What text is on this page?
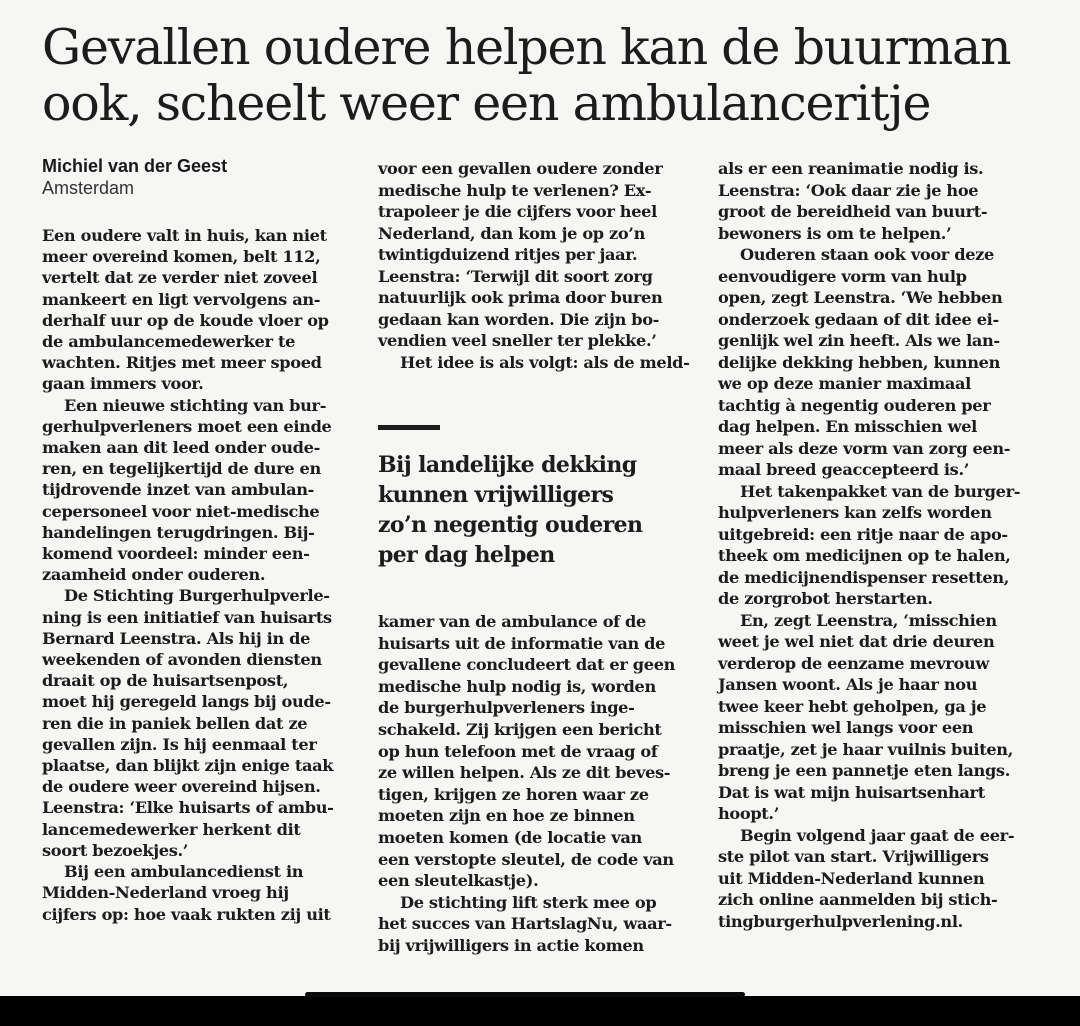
Gevallen oudere helpen kan de buurman
ook, scheelt weer een ambulanceritje
Michiel van der Geest
Amsterdam
Een oudere valt in huis, kan niet
meer overeind komen, belt 112,
vertelt dat ze verder niet zoveel
mankeert en ligt vervolgens an-
derhalf uur op de koude vloer op
de ambulancemedewerker te
wachten. Ritjes met meer spoed
gaan immers voor.
Een nieuwe stichting van bur-
gerhulpverleners moet een einde
maken aan dit leed onder oude-
ren, en tegelijkertijd de dure en
tijdrovende inzet van ambulan-
cepersoneel voor niet-medische
handelingen terugdringen. Bij-
komend voordeel: minder een-
zaamheid onder ouderen.
De Stichting Burgerhulpverle-
ning is een initiatief van huisarts
Bernard Leenstra. Als hij in de
weekenden of avonden diensten
draait op de huisartsenpost,
moet hij geregeld langs bij oude-
ren die in paniek bellen dat ze
gevallen zijn. Is hij eenmaal ter
plaatse, dan blijkt zijn enige taak
de oudere weer overeind hijsen.
Leenstra: ‘Elke huisarts of ambu-
lancemedewerker herkent dit
soort bezoekjes.’
Bij een ambulancedienst in
Midden-Nederland vroeg hij
cijfers op: hoe vaak rukten zij uit
voor een gevallen oudere zonder
medische hulp te verlenen? Ex-
trapoleer je die cijfers voor heel
Nederland, dan kom je op zo’n
twintigduizend ritjes per jaar.
Leenstra: ‘Terwijl dit soort zorg
natuurlijk ook prima door buren
gedaan kan worden. Die zijn bo-
vendien veel sneller ter plekke.’
Het idee is als volgt: als de meld-
Bij landelijke dekking
kunnen vrijwilligers
zo’n negentig ouderen
per dag helpen
kamer van de ambulance of de
huisarts uit de informatie van de
gevallene concludeert dat er geen
medische hulp nodig is, worden
de burgerhulpverleners inge-
schakeld. Zij krijgen een bericht
op hun telefoon met de vraag of
ze willen helpen. Als ze dit beves-
tigen, krijgen ze horen waar ze
moeten zijn en hoe ze binnen
moeten komen (de locatie van
een verstopte sleutel, de code van
een sleutelkastje).
De stichting lift sterk mee op
het succes van HartslagNu, waar-
bij vrijwilligers in actie komen
als er een reanimatie nodig is.
Leenstra: ‘Ook daar zie je hoe
groot de bereidheid van buurt-
bewoners is om te helpen.’
Ouderen staan ook voor deze
eenvoudigere vorm van hulp
open, zegt Leenstra. ‘We hebben
onderzoek gedaan of dit idee ei-
genlijk wel zin heeft. Als we lan-
delijke dekking hebben, kunnen
we op deze manier maximaal
tachtig à negentig ouderen per
dag helpen. En misschien wel
meer als deze vorm van zorg een-
maal breed geaccepteerd is.’
Het takenpakket van de burger-
hulpverleners kan zelfs worden
uitgebreid: een ritje naar de apo-
theek om medicijnen op te halen,
de medicijnendispenser resetten,
de zorgrobot herstarten.
En, zegt Leenstra, ‘misschien
weet je wel niet dat drie deuren
verderop de eenzame mevrouw
Jansen woont. Als je haar nou
twee keer hebt geholpen, ga je
misschien wel langs voor een
praatje, zet je haar vuilnis buiten,
breng je een pannetje eten langs.
Dat is wat mijn huisartsenhart
hoopt.’
Begin volgend jaar gaat de eer-
ste pilot van start. Vrijwilligers
uit Midden-Nederland kunnen
zich online aanmelden bij stich-
tingburgerhulpverlening.nl.
